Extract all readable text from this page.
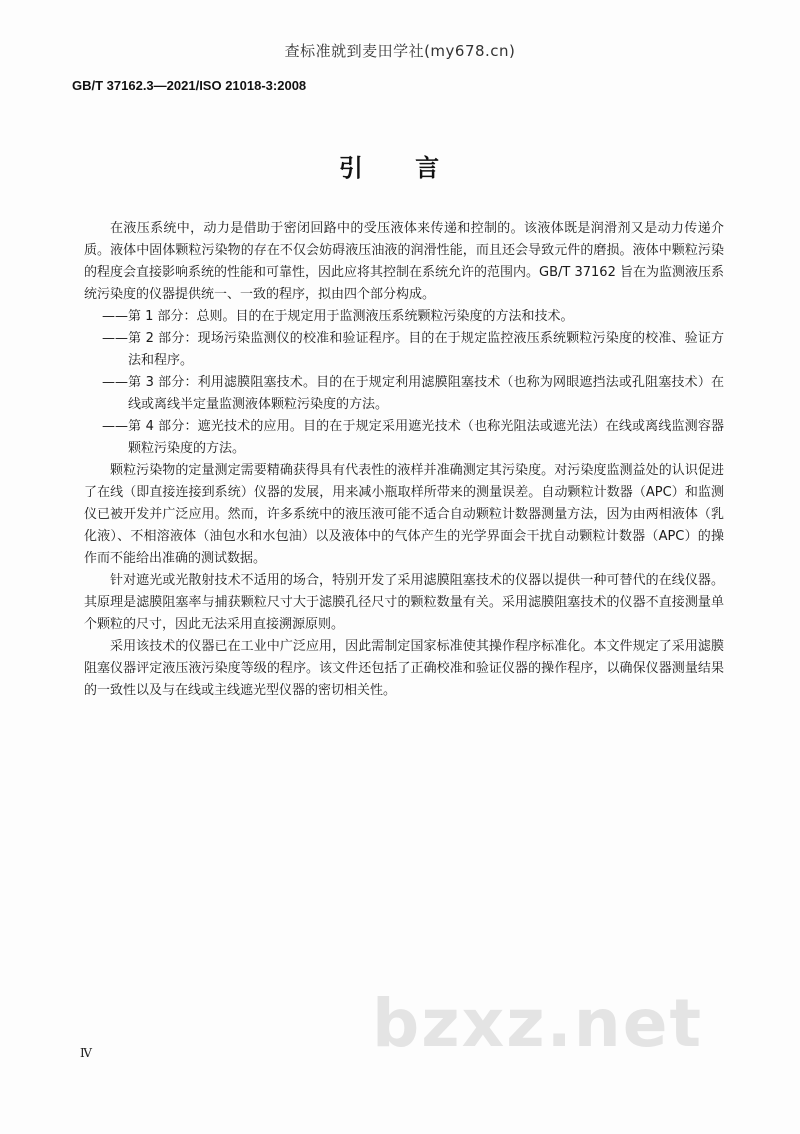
查标准就到麦田学社(my678.cn)
GB/T 37162.3—2021/ISO 21018-3:2008
引 言

在液压系统中，动力是借助于密闭回路中的受压液体来传递和控制的。该液体既是润滑剂又是动力传递介质。液体中固体颗粒污染物的存在不仅会妨碍液压油液的润滑性能，而且还会导致元件的磨损。液体中颗粒污染的程度会直接影响系统的性能和可靠性，因此应将其控制在系统允许的范围内。GB/T 37162 旨在为监测液压系统污染度的仪器提供统一、一致的程序，拟由四个部分构成。

——第 1 部分：总则。目的在于规定用于监测液压系统颗粒污染度的方法和技术。

——第 2 部分：现场污染监测仪的校准和验证程序。目的在于规定监控液压系统颗粒污染度的校准、验证方法和程序。

——第 3 部分：利用滤膜阻塞技术。目的在于规定利用滤膜阻塞技术（也称为网眼遮挡法或孔阻塞技术）在线或离线半定量监测液体颗粒污染度的方法。

——第 4 部分：遮光技术的应用。目的在于规定采用遮光技术（也称光阻法或遮光法）在线或离线监测容器颗粒污染度的方法。

颗粒污染物的定量测定需要精确获得具有代表性的液样并准确测定其污染度。对污染度监测益处的认识促进了在线（即直接连接到系统）仪器的发展，用来减小瓶取样所带来的测量误差。自动颗粒计数器（APC）和监测仪已被开发并广泛应用。然而，许多系统中的液压液可能不适合自动颗粒计数器测量方法，因为由两相液体（乳化液）、不相溶液体（油包水和水包油）以及液体中的气体产生的光学界面会干扰自动颗粒计数器（APC）的操作而不能给出准确的测试数据。

针对遮光或光散射技术不适用的场合，特别开发了采用滤膜阻塞技术的仪器以提供一种可替代的在线仪器。其原理是滤膜阻塞率与捕获颗粒尺寸大于滤膜孔径尺寸的颗粒数量有关。采用滤膜阻塞技术的仪器不直接测量单个颗粒的尺寸，因此无法采用直接溯源原则。

采用该技术的仪器已在工业中广泛应用，因此需制定国家标准使其操作程序标准化。本文件规定了采用滤膜阻塞仪器评定液压液污染度等级的程序。该文件还包括了正确校准和验证仪器的操作程序，以确保仪器测量结果的一致性以及与在线或主线遮光型仪器的密切相关性。

bzxz.net
Ⅳ
